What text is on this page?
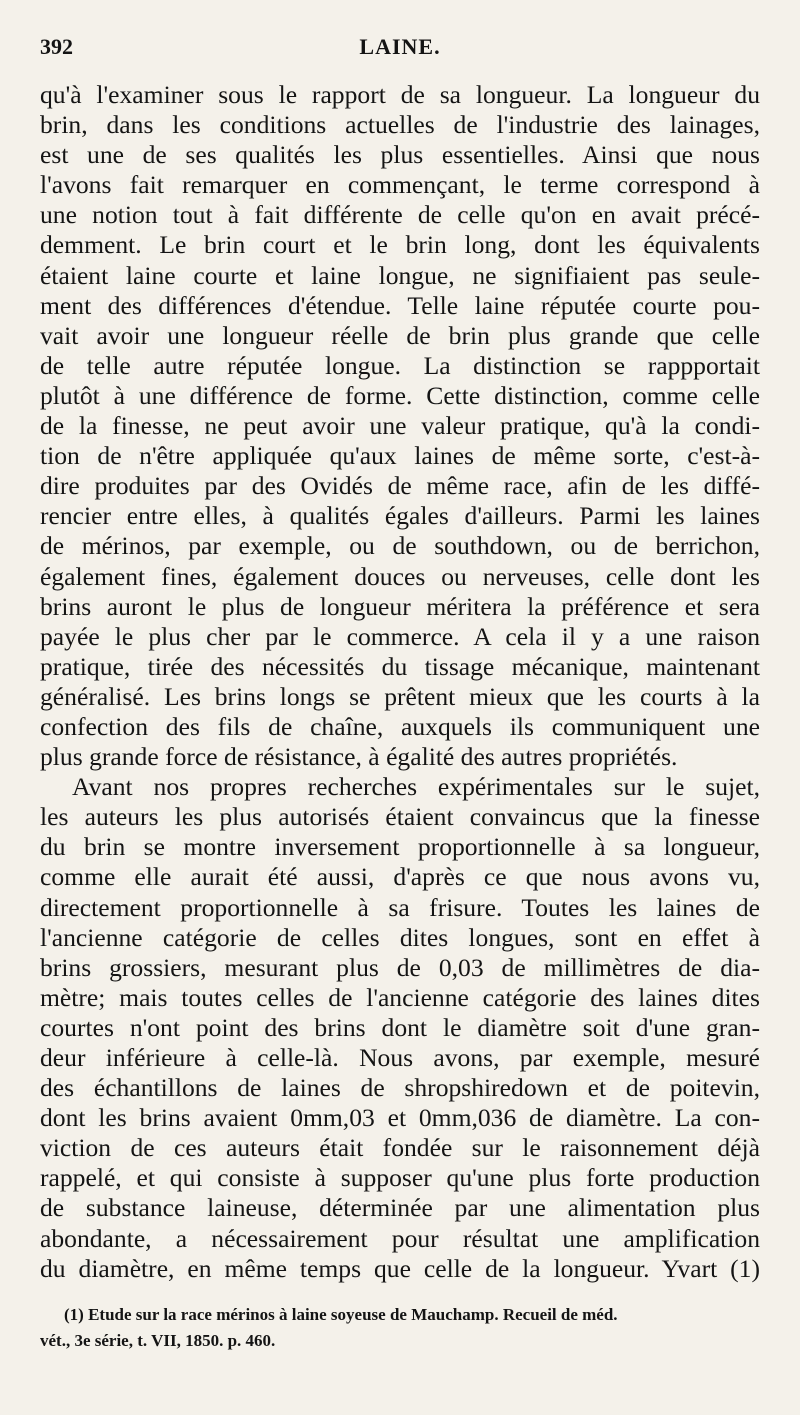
392	LAINE.
qu'à l'examiner sous le rapport de sa longueur. La longueur du
brin, dans les conditions actuelles de l'industrie des lainages,
est une de ses qualités les plus essentielles. Ainsi que nous
l'avons fait remarquer en commençant, le terme correspond à
une notion tout à fait différente de celle qu'on en avait précé-
demment. Le brin court et le brin long, dont les équivalents
étaient laine courte et laine longue, ne signifiaient pas seule-
ment des différences d'étendue. Telle laine réputée courte pou-
vait avoir une longueur réelle de brin plus grande que celle
de telle autre réputée longue. La distinction se rappportait
plutôt à une différence de forme. Cette distinction, comme celle
de la finesse, ne peut avoir une valeur pratique, qu'à la condi-
tion de n'être appliquée qu'aux laines de même sorte, c'est-à-
dire produites par des Ovidés de même race, afin de les diffé-
rencier entre elles, à qualités égales d'ailleurs. Parmi les laines
de mérinos, par exemple, ou de southdown, ou de berrichon,
également fines, également douces ou nerveuses, celle dont les
brins auront le plus de longueur méritera la préférence et sera
payée le plus cher par le commerce. A cela il y a une raison
pratique, tirée des nécessités du tissage mécanique, maintenant
généralisé. Les brins longs se prêtent mieux que les courts à la
confection des fils de chaîne, auxquels ils communiquent une
plus grande force de résistance, à égalité des autres propriétés.
Avant nos propres recherches expérimentales sur le sujet,
les auteurs les plus autorisés étaient convaincus que la finesse
du brin se montre inversement proportionnelle à sa longueur,
comme elle aurait été aussi, d'après ce que nous avons vu,
directement proportionnelle à sa frisure. Toutes les laines de
l'ancienne catégorie de celles dites longues, sont en effet à
brins grossiers, mesurant plus de 0,03 de millimètres de dia-
mètre; mais toutes celles de l'ancienne catégorie des laines dites
courtes n'ont point des brins dont le diamètre soit d'une gran-
deur inférieure à celle-là. Nous avons, par exemple, mesuré
des échantillons de laines de shropshiredown et de poitevin,
dont les brins avaient 0mm,03 et 0mm,036 de diamètre. La con-
viction de ces auteurs était fondée sur le raisonnement déjà
rappelé, et qui consiste à supposer qu'une plus forte production
de substance laineuse, déterminée par une alimentation plus
abondante, a nécessairement pour résultat une amplification
du diamètre, en même temps que celle de la longueur. Yvart (1)
(1) Etude sur la race mérinos à laine soyeuse de Mauchamp. Recueil de méd.
vét., 3e série, t. VII, 1850. p. 460.
